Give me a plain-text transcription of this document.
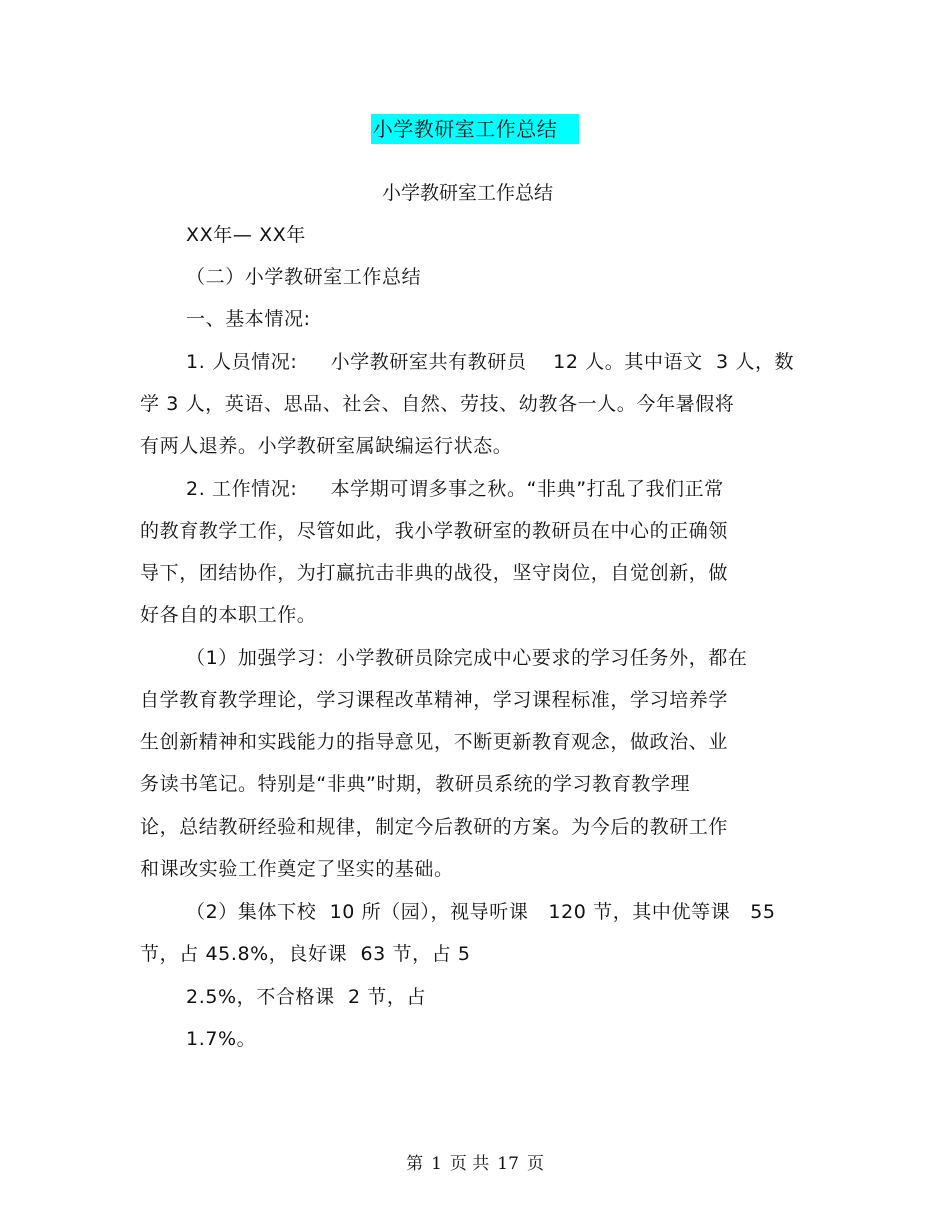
小学教研室工作总结
小学教研室工作总结
XX年— XX年
（二）小学教研室工作总结
一、基本情况:
1. 人员情况:     小学教研室共有教研员    12 人。其中语文  3 人，数
学 3 人，英语、思品、社会、自然、劳技、幼教各一人。今年暑假将
有两人退养。小学教研室属缺编运行状态。
2. 工作情况:     本学期可谓多事之秋。“非典”打乱了我们正常
的教育教学工作，尽管如此，我小学教研室的教研员在中心的正确领
导下，团结协作，为打赢抗击非典的战役，坚守岗位，自觉创新，做
好各自的本职工作。
（1）加强学习：小学教研员除完成中心要求的学习任务外，都在
自学教育教学理论，学习课程改革精神，学习课程标准，学习培养学
生创新精神和实践能力的指导意见，不断更新教育观念，做政治、业
务读书笔记。特别是“非典”时期，教研员系统的学习教育教学理
论，总结教研经验和规律，制定今后教研的方案。为今后的教研工作
和课改实验工作奠定了坚实的基础。
（2）集体下校  10 所（园），视导听课   120 节，其中优等课   55
节，占 45.8%，良好课  63 节，占 5
2.5%，不合格课  2 节，占
1.7%。
第 1 页 共 17 页
